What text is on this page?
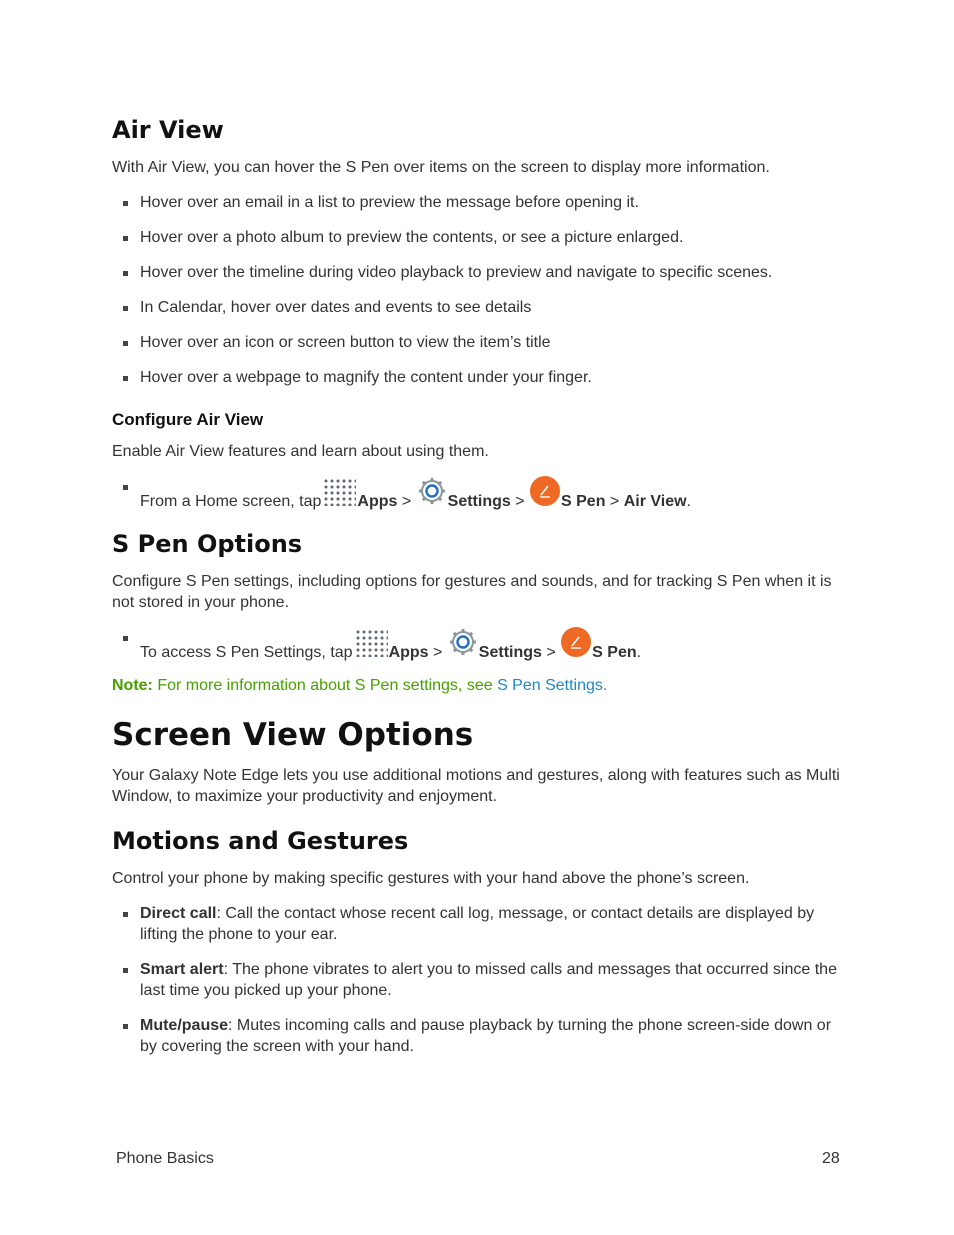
Air View

With Air View, you can hover the S Pen over items on the screen to display more information.

Hover over an email in a list to preview the message before opening it.
Hover over a photo album to preview the contents, or see a picture enlarged.
Hover over the timeline during video playback to preview and navigate to specific scenes.
In Calendar, hover over dates and events to see details
Hover over an icon or screen button to view the item’s title
Hover over a webpage to magnify the content under your finger.
Configure Air View

Enable Air View features and learn about using them.

From a Home screen, tap Apps > Settings >
S Pen > Air View.
S Pen Options

Configure S Pen settings, including options for gestures and sounds, and for tracking S Pen when it is not stored in your phone.

To access S Pen Settings, tap Apps > Settings >
S Pen.

Note: For more information about S Pen settings, see S Pen Settings.

Screen View Options

Your Galaxy Note Edge lets you use additional motions and gestures, along with features such as Multi Window, to maximize your productivity and enjoyment.

Motions and Gestures

Control your phone by making specific gestures with your hand above the phone’s screen.

Direct call: Call the contact whose recent call log, message, or contact details are displayed by lifting the phone to your ear.
Smart alert: The phone vibrates to alert you to missed calls and messages that occurred since the last time you picked up your phone.
Mute/pause: Mutes incoming calls and pause playback by turning the phone screen-side down or by covering the screen with your hand.
Phone Basics	28
